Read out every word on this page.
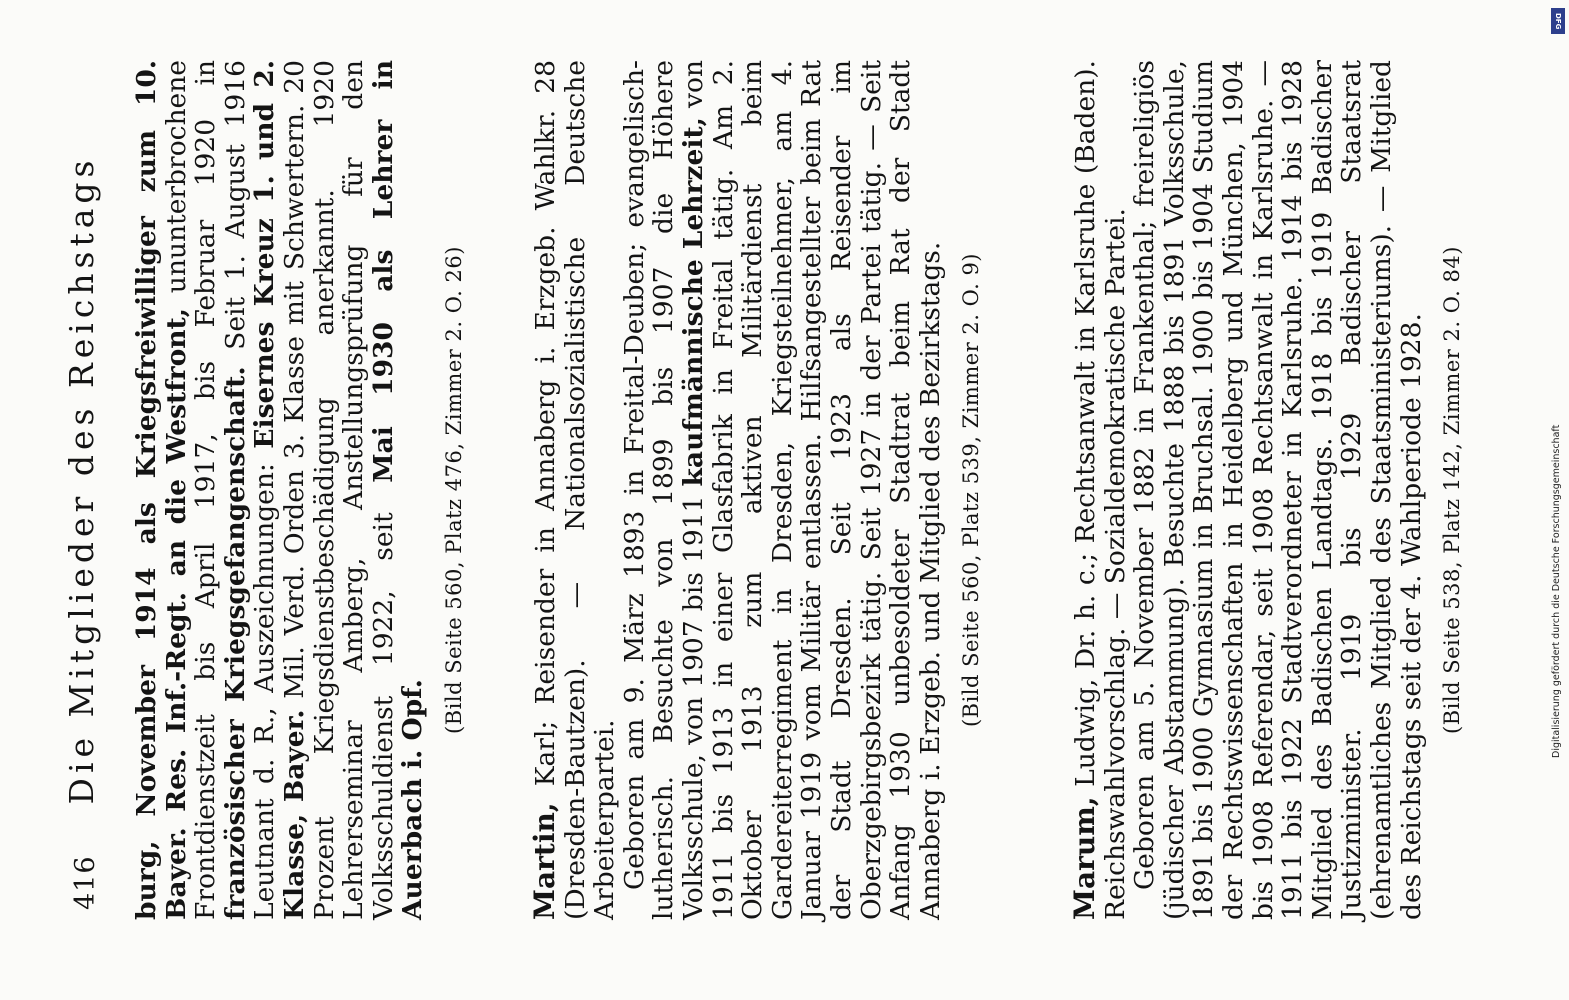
416
Die Mitglieder des Reichstags burg, November 1914 als Kriegsfreiwilliger zum 10. Bayer. Res. Inf.-Regt. an die Westfront, ununterbrochene Frontdienstzeit bis April 1917, bis Februar 1920 in französischer Kriegsgefangenschaft. Seit 1. August 1916 Leutnant d. R., Auszeichnungen: Eisernes Kreuz 1. und 2. Klasse, Bayer. Mil. Verd. Orden 3. Klasse mit Schwertern. 20 Prozent Kriegsdienstbeschädigung anerkannt. 1920 Lehrerseminar Amberg, Anstellungsprüfung für den Volksschuldienst 1922, seit Mai 1930 als Lehrer in Auerbach i. Opf.

(Bild Seite 560, Platz 476, Zimmer 2. O. 26)

Martin, Karl; Reisender in Annaberg i. Erzgeb. Wahlkr. 28 (Dresden-Bautzen). — Nationalsozialistische Deutsche Arbeiterpartei.

Geboren am 9. März 1893 in Freital-Deuben; evangelisch-lutherisch. Besuchte von 1899 bis 1907 die Höhere Volksschule, von 1907 bis 1911 kaufmännische Lehrzeit, von 1911 bis 1913 in einer Glasfabrik in Freital tätig. Am 2. Oktober 1913 zum aktiven Militärdienst beim Gardereiterregiment in Dresden, Kriegsteilnehmer, am 4. Januar 1919 vom Militär entlassen. Hilfsangestellter beim Rat der Stadt Dresden. Seit 1923 als Reisender im Oberzgebirgsbezirk tätig. Seit 1927 in der Partei tätig. — Seit Anfang 1930 unbesoldeter Stadtrat beim Rat der Stadt Annaberg i. Erzgeb. und Mitglied des Bezirkstags. (Bild Seite 560, Platz 539, Zimmer 2. O. 9)

Marum, Ludwig, Dr. h. c.; Rechtsanwalt in Karlsruhe (Baden). Reichswahlvorschlag. — Sozialdemokratische Partei.

Geboren am 5. November 1882 in Frankenthal; freireligiös (jüdischer Abstammung). Besuchte 1888 bis 1891 Volksschule, 1891 bis 1900 Gymnasium in Bruchsal. 1900 bis 1904 Studium der Rechtswissenschaften in Heidelberg und München, 1904 bis 1908 Referendar, seit 1908 Rechtsanwalt in Karlsruhe. — 1911 bis 1922 Stadtverordneter in Karlsruhe. 1914 bis 1928 Mitglied des Badischen Landtags. 1918 bis 1919 Badischer Justizminister. 1919 bis 1929 Badischer Staatsrat (ehrenamtliches Mitglied des Staatsministeriums). — Mitglied des Reichstags seit der 4. Wahlperiode 1928. (Bild Seite 538, Platz 142, Zimmer 2. O. 84)
DFG
Digitalisierung gefördert durch die Deutsche Forschungsgemeinschaft
